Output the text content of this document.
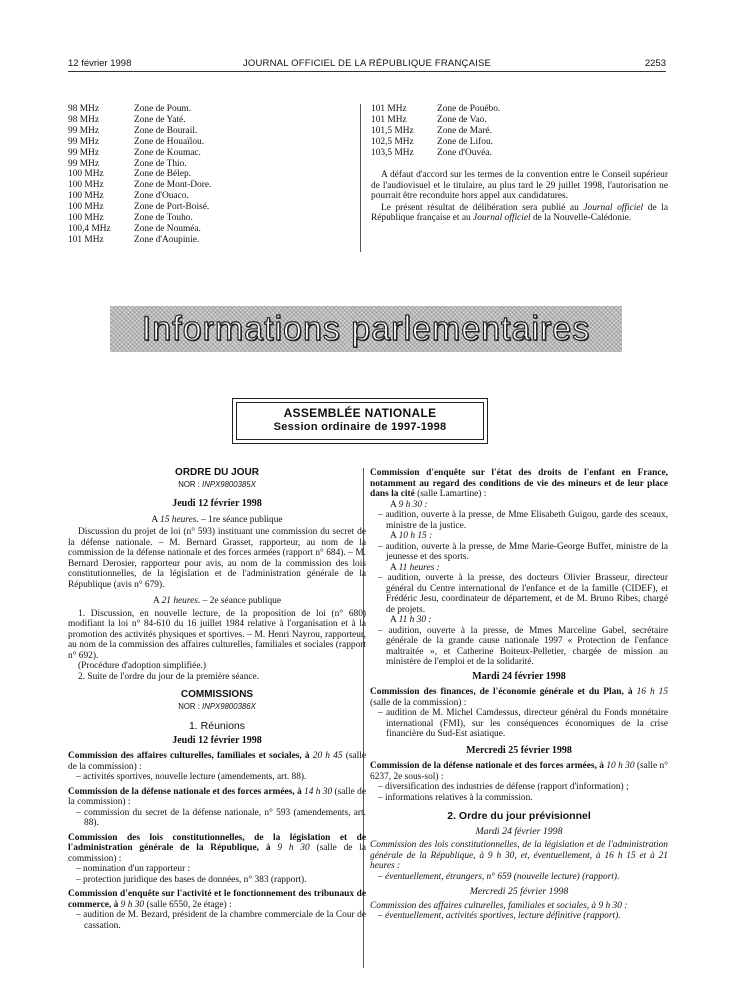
12 février 1998	JOURNAL OFFICIEL DE LA RÉPUBLIQUE FRANÇAISE	2253
98 MHz	Zone de Poum.
98 MHz	Zone de Yaté.
99 MHz	Zone de Bourail.
99 MHz	Zone de Houaïlou.
99 MHz	Zone de Koumac.
99 MHz	Zone de Thio.
100 MHz	Zone de Bélep.
100 MHz	Zone de Mont-Dore.
100 MHz	Zone d'Ouaco.
100 MHz	Zone de Port-Boisé.
100 MHz	Zone de Touho.
100,4 MHz	Zone de Nouméa.
101 MHz	Zone d'Aoupinie.
101 MHz	Zone de Pouébo.
101 MHz	Zone de Vao.
101,5 MHz	Zone de Maré.
102,5 MHz	Zone de Lifou.
103,5 MHz	Zone d'Ouvéa.

A défaut d'accord sur les termes de la convention entre le Conseil supérieur de l'audiovisuel et le titulaire, au plus tard le 29 juillet 1998, l'autorisation ne pourrait être reconduite hors appel aux candidatures.

Le présent résultat de délibération sera publié au Journal officiel de la République française et au Journal officiel de la Nouvelle-Calédonie.

Informations parlementaires
ASSEMBLÉE NATIONALE
Session ordinaire de 1997-1998

ORDRE DU JOUR

NOR : INPX9800385X

Jeudi 12 février 1998

A 15 heures. – 1re séance publique

Discussion du projet de loi (n° 593) instituant une commission du secret de la défense nationale. – M. Bernard Grasset, rapporteur, au nom de la commission de la défense nationale et des forces armées (rapport n° 684). – M. Bernard Derosier, rapporteur pour avis, au nom de la commission des lois constitutionnelles, de la législation et de l'administration générale de la République (avis n° 679).

A 21 heures. – 2e séance publique

1. Discussion, en nouvelle lecture, de la proposition de loi (n° 680) modifiant la loi n° 84-610 du 16 juillet 1984 relative à l'organisation et à la promotion des activités physiques et sportives. – M. Henri Nayrou, rapporteur, au nom de la commission des affaires culturelles, familiales et sociales (rapport n° 692).

(Procédure d'adoption simplifiée.)

2. Suite de l'ordre du jour de la première séance.

COMMISSIONS

NOR : INPX9800386X

1. Réunions

Jeudi 12 février 1998

Commission des affaires culturelles, familiales et sociales, à 20 h 45 (salle de la commission) :

– activités sportives, nouvelle lecture (amendements, art. 88).

Commission de la défense nationale et des forces armées, à 14 h 30 (salle de la commission) :

– commission du secret de la défense nationale, n° 593 (amendements, art. 88).

Commission des lois constitutionnelles, de la législation et de l'administration générale de la République, à 9 h 30 (salle de la commission) :

– nomination d'un rapporteur :

– protection juridique des bases de données, n° 383 (rapport).

Commission d'enquête sur l'activité et le fonctionnement des tribunaux de commerce, à 9 h 30 (salle 6550, 2e étage) :

– audition de M. Bezard, président de la chambre commerciale de la Cour de cassation.

Commission d'enquête sur l'état des droits de l'enfant en France, notamment au regard des conditions de vie des mineurs et de leur place dans la cité (salle Lamartine) :

A 9 h 30 :

– audition, ouverte à la presse, de Mme Elisabeth Guigou, garde des sceaux, ministre de la justice.

A 10 h 15 :

– audition, ouverte à la presse, de Mme Marie-George Buffet, ministre de la jeunesse et des sports.

A 11 heures :

– audition, ouverte à la presse, des docteurs Olivier Brasseur, directeur général du Centre international de l'enfance et de la famille (CIDEF), et Frédéric Jesu, coordinateur de département, et de M. Bruno Ribes, chargé de projets.

A 11 h 30 :

– audition, ouverte à la presse, de Mmes Marceline Gabel, secrétaire générale de la grande cause nationale 1997 « Protection de l'enfance maltraitée », et Catherine Boiteux-Pelletier, chargée de mission au ministère de l'emploi et de la solidarité.

Mardi 24 février 1998

Commission des finances, de l'économie générale et du Plan, à 16 h 15 (salle de la commission) :

– audition de M. Michel Camdessus, directeur général du Fonds monétaire international (FMI), sur les conséquences économiques de la crise financière du Sud-Est asiatique.

Mercredi 25 février 1998

Commission de la défense nationale et des forces armées, à 10 h 30 (salle n° 6237, 2e sous-sol) :

– diversification des industries de défense (rapport d'information) ;

– informations relatives à la commission.

2. Ordre du jour prévisionnel

Mardi 24 février 1998

Commission des lois constitutionnelles, de la législation et de l'administration générale de la République, à 9 h 30, et, éventuellement, à 16 h 15 et à 21 heures :

– éventuellement, étrangers, n° 659 (nouvelle lecture) (rapport).

Mercredi 25 février 1998

Commission des affaires culturelles, familiales et sociales, à 9 h 30 :

– éventuellement, activités sportives, lecture définitive (rapport).
